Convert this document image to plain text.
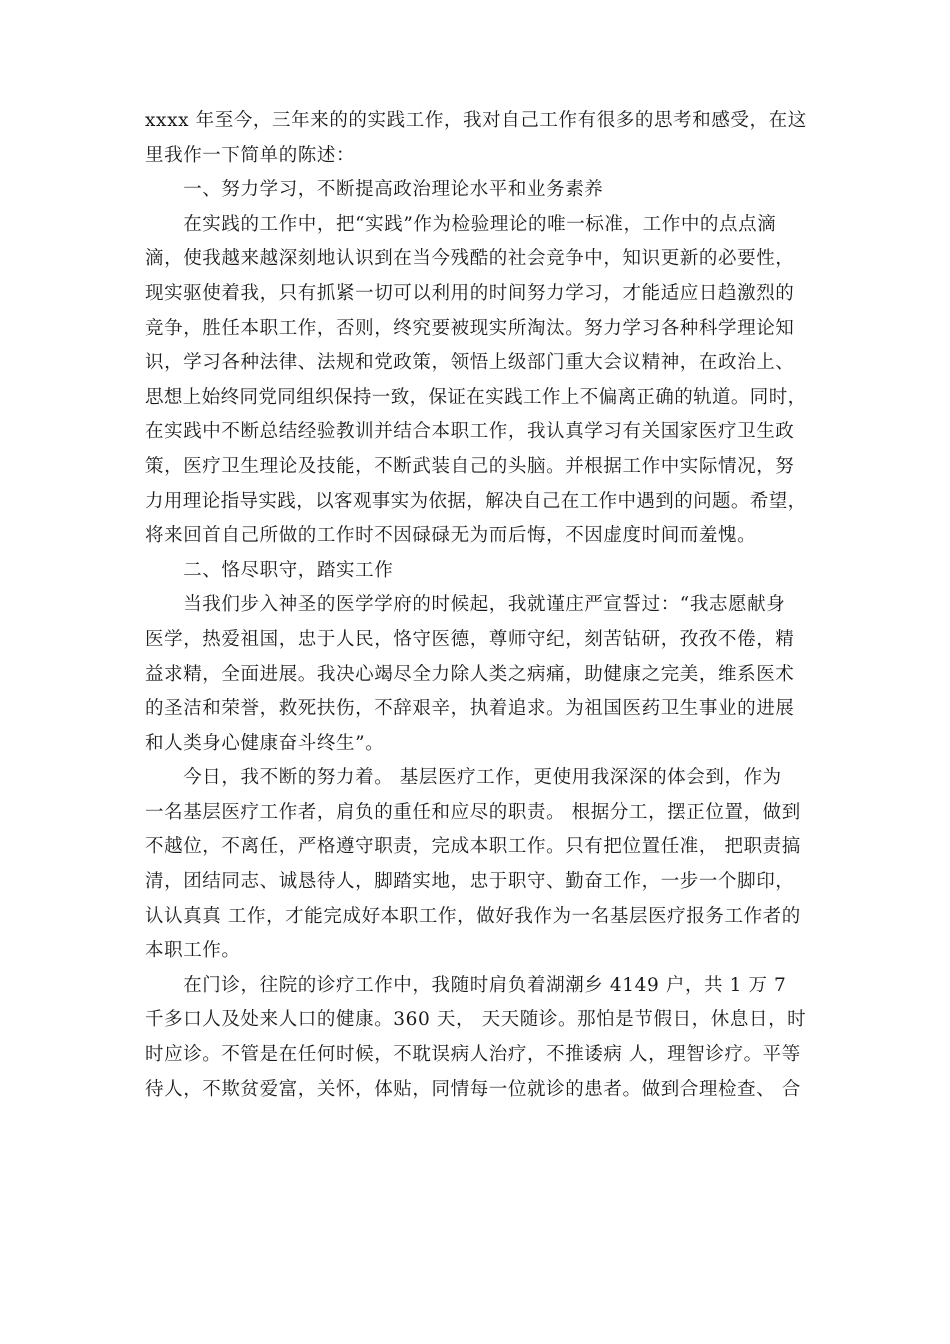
xxxx 年至今，三年来的的实践工作，我对自己工作有很多的思考和感受，在这
里我作一下简单的陈述：
　　一、努力学习，不断提高政治理论水平和业务素养
　　在实践的工作中，把“实践”作为检验理论的唯一标准，工作中的点点滴
滴，使我越来越深刻地认识到在当今残酷的社会竞争中，知识更新的必要性，
现实驱使着我，只有抓紧一切可以利用的时间努力学习，才能适应日趋激烈的
竞争，胜任本职工作，否则，终究要被现实所淘汰。努力学习各种科学理论知
识，学习各种法律、法规和党政策，领悟上级部门重大会议精神，在政治上、
思想上始终同党同组织保持一致，保证在实践工作上不偏离正确的轨道。同时，
在实践中不断总结经验教训并结合本职工作，我认真学习有关国家医疗卫生政
策，医疗卫生理论及技能，不断武装自己的头脑。并根据工作中实际情况，努
力用理论指导实践，以客观事实为依据，解决自己在工作中遇到的问题。希望，
将来回首自己所做的工作时不因碌碌无为而后悔，不因虚度时间而羞愧。
　　二、恪尽职守，踏实工作
　　当我们步入神圣的医学学府的时候起，我就谨庄严宣誓过：“我志愿献身
医学，热爱祖国，忠于人民，恪守医德，尊师守纪，刻苦钻研，孜孜不倦，精
益求精，全面进展。我决心竭尽全力除人类之病痛，助健康之完美，维系医术
的圣洁和荣誉，救死扶伤，不辞艰辛，执着追求。为祖国医药卫生事业的进展
和人类身心健康奋斗终生”。
　　今日，我不断的努力着。 基层医疗工作，更使用我深深的体会到，作为
一名基层医疗工作者，肩负的重任和应尽的职责。 根据分工，摆正位置，做到
不越位，不离任，严格遵守职责，完成本职工作。只有把位置任准， 把职责搞
清，团结同志、诚恳待人，脚踏实地，忠于职守、勤奋工作，一步一个脚印，
认认真真 工作，才能完成好本职工作，做好我作为一名基层医疗报务工作者的
本职工作。
　　在门诊，往院的诊疗工作中，我随时肩负着湖潮乡 4149 户，共 1 万 7
千多口人及处来人口的健康。360 天， 天天随诊。那怕是节假日，休息日，时
时应诊。不管是在任何时候，不耽误病人治疗，不推诿病 人，理智诊疗。平等
待人，不欺贫爱富，关怀，体贴，同情每一位就诊的患者。做到合理检查、 合
